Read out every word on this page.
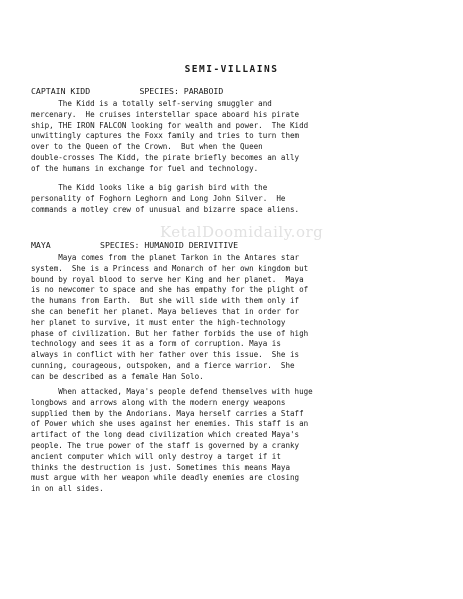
SEMI-VILLAINS
KetalDoomidaily.org
CAPTAIN KIDD          SPECIES: PARABOID

The Kidd is a totally self-serving smuggler and

mercenary.  He cruises interstellar space aboard his pirate

ship, THE IRON FALCON looking for wealth and power.  The Kidd

unwittingly captures the Foxx family and tries to turn them

over to the Queen of the Crown.  But when the Queen

double-crosses The Kidd, the pirate briefly becomes an ally

of the humans in exchange for fuel and technology.

The Kidd looks like a big garish bird with the

personality of Foghorn Leghorn and Long John Silver.  He

commands a motley crew of unusual and bizarre space aliens.

MAYA          SPECIES: HUMANOID DERIVITIVE

Maya comes from the planet Tarkon in the Antares star

system.  She is a Princess and Monarch of her own kingdom but

bound by royal blood to serve her King and her planet.  Maya

is no newcomer to space and she has empathy for the plight of

the humans from Earth.  But she will side with them only if

she can benefit her planet. Maya believes that in order for

her planet to survive, it must enter the high-technology

phase of civilization. But her father forbids the use of high

technology and sees it as a form of corruption. Maya is

always in conflict with her father over this issue.  She is

cunning, courageous, outspoken, and a fierce warrior.  She

can be described as a female Han Solo.

When attacked, Maya's people defend themselves with huge

longbows and arrows along with the modern energy weapons

supplied them by the Andorians. Maya herself carries a Staff

of Power which she uses against her enemies. This staff is an

artifact of the long dead civilization which created Maya's

people. The true power of the staff is governed by a cranky

ancient computer which will only destroy a target if it

thinks the destruction is just. Sometimes this means Maya

must argue with her weapon while deadly enemies are closing

in on all sides.
